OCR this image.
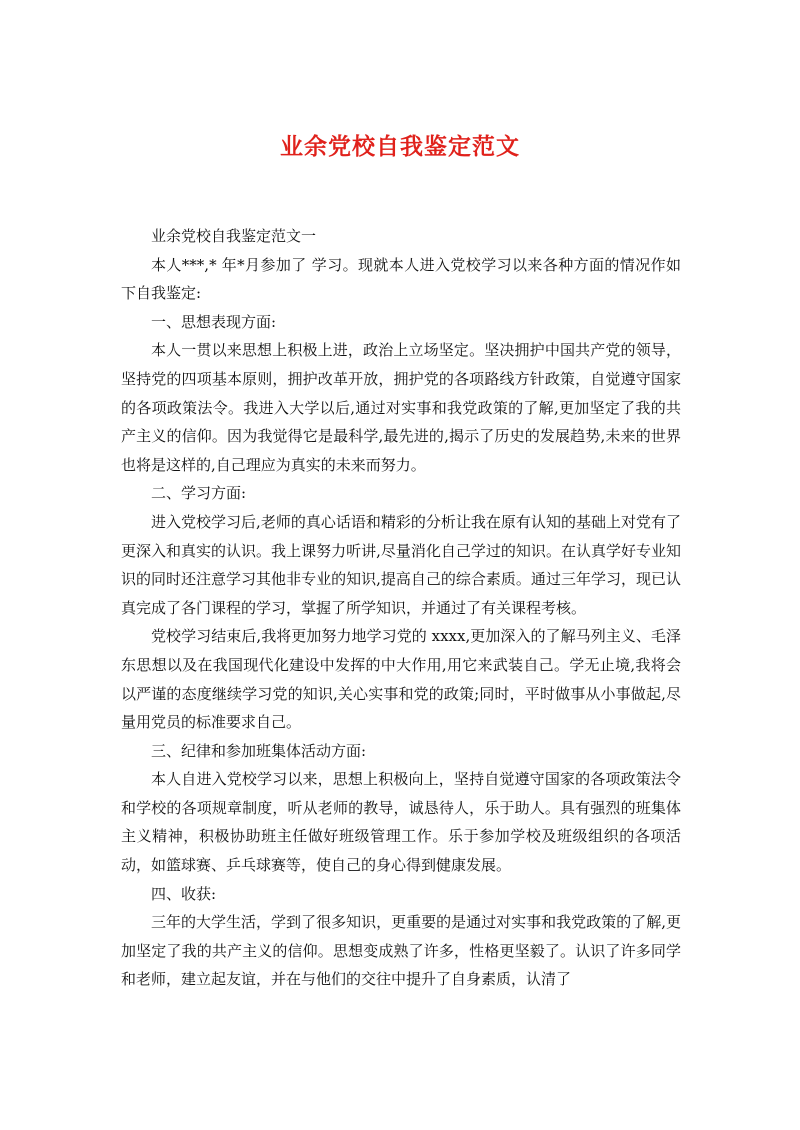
业余党校自我鉴定范文

业余党校自我鉴定范文一

本人***,* 年*月参加了 学习。现就本人进入党校学习以来各种方面的情况作如下自我鉴定:

一、思想表现方面:

本人一贯以来思想上积极上进，政治上立场坚定。坚决拥护中国共产党的领导，坚持党的四项基本原则，拥护改革开放，拥护党的各项路线方针政策，自觉遵守国家的各项政策法令。我进入大学以后,通过对实事和我党政策的了解,更加坚定了我的共产主义的信仰。因为我觉得它是最科学,最先进的,揭示了历史的发展趋势,未来的世界也将是这样的,自己理应为真实的未来而努力。

二、学习方面:

进入党校学习后,老师的真心话语和精彩的分析让我在原有认知的基础上对党有了更深入和真实的认识。我上课努力听讲,尽量消化自己学过的知识。在认真学好专业知识的同时还注意学习其他非专业的知识,提高自己的综合素质。通过三年学习，现已认真完成了各门课程的学习，掌握了所学知识，并通过了有关课程考核。

党校学习结束后,我将更加努力地学习党的 xxxx,更加深入的了解马列主义、毛泽东思想以及在我国现代化建设中发挥的中大作用,用它来武装自己。学无止境,我将会以严谨的态度继续学习党的知识,关心实事和党的政策;同时，平时做事从小事做起,尽量用党员的标准要求自己。

三、纪律和参加班集体活动方面:

本人自进入党校学习以来，思想上积极向上，坚持自觉遵守国家的各项政策法令和学校的各项规章制度，听从老师的教导，诚恳待人，乐于助人。具有强烈的班集体主义精神，积极协助班主任做好班级管理工作。乐于参加学校及班级组织的各项活动，如篮球赛、乒乓球赛等，使自己的身心得到健康发展。

四、收获:

三年的大学生活，学到了很多知识，更重要的是通过对实事和我党政策的了解,更加坚定了我的共产主义的信仰。思想变成熟了许多，性格更坚毅了。认识了许多同学和老师，建立起友谊，并在与他们的交往中提升了自身素质，认清了
